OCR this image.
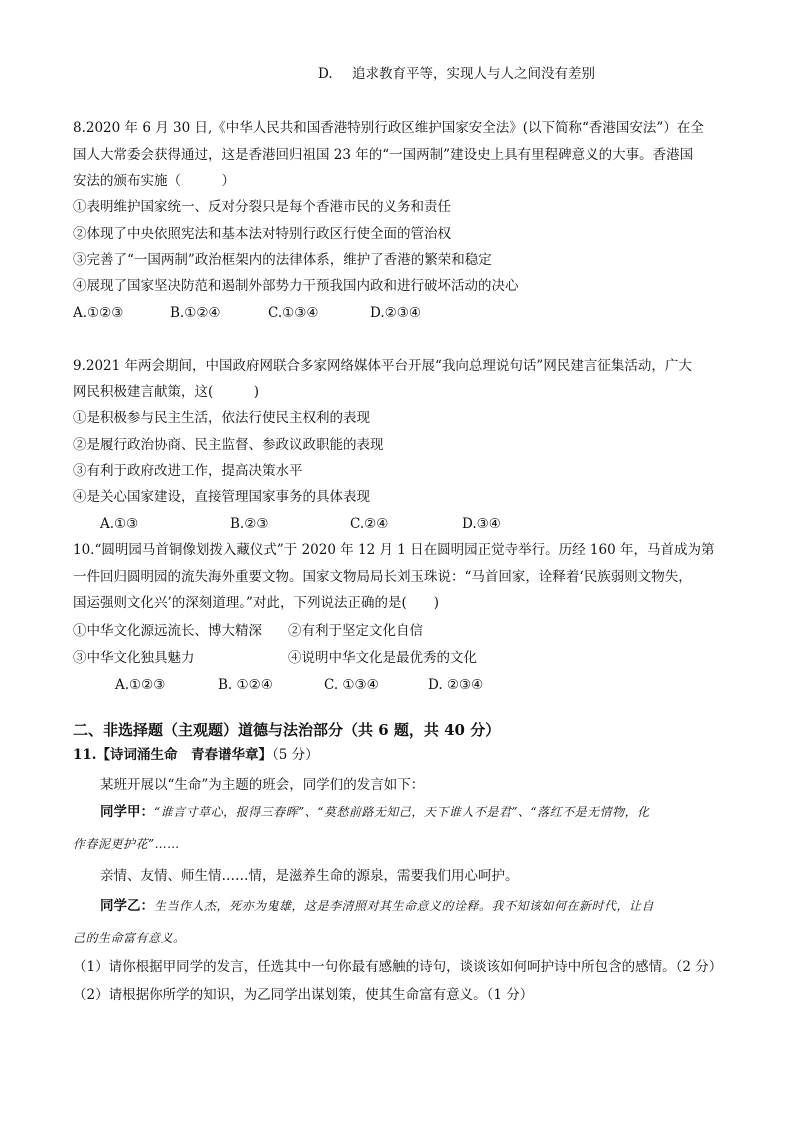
D. 追求教育平等，实现人与人之间没有差别
8.2020 年 6 月 30 日,《中华人民共和国香港特别行政区维护国家安全法》(以下简称“香港国安法”）在全
国人大常委会获得通过，这是香港回归祖国 23 年的“一国两制”建设史上具有里程碑意义的大事。香港国
安法的颁布实施（　　　）
①表明维护国家统一、反对分裂只是每个香港市民的义务和责任
②体现了中央依照宪法和基本法对特别行政区行使全面的管治权
③完善了“一国两制”政治框架内的法律体系，维护了香港的繁荣和稳定
④展现了国家坚决防范和遏制外部势力干预我国内政和进行破坏活动的决心
A.①②③	B.①②④	C.①③④	D.②③④
9.2021 年两会期间，中国政府网联合多家网络媒体平台开展“我向总理说句话”网民建言征集活动，广大
网民积极建言献策，这(　　　)
①是积极参与民主生活，依法行使民主权利的表现
②是履行政治协商、民主监督、参政议政职能的表现
③有利于政府改进工作，提高决策水平
④是关心国家建设，直接管理国家事务的具体表现
A.①③	B.②③	C.②④	D.③④
10.“圆明园马首铜像划拨入藏仪式”于 2020 年 12 月 1 日在圆明园正觉寺举行。历经 160 年，马首成为第
一件回归圆明园的流失海外重要文物。国家文物局局长刘玉珠说：“马首回家，诠释着‘民族弱则文物失，
国运强则文化兴’的深刻道理。”对此，下列说法正确的是(　　)
①中华文化源远流长、博大精深 ②有利于坚定文化自信
③中华文化独具魅力	④说明中华文化是最优秀的文化
A.①②③	B. ①②④	C. ①③④	D. ②③④
二、非选择题（主观题）道德与法治部分（共 6 题，共 40 分）
11.【诗词涌生命　青春谱华章】（5 分）
某班开展以“生命”为主题的班会，同学们的发言如下：
同学甲：“谁言寸草心，报得三春晖”、“莫愁前路无知己，天下谁人不是君”、“落红不是无情物，化
作春泥更护花”……
亲情、友情、师生情……情，是滋养生命的源泉，需要我们用心呵护。
同学乙：生当作人杰，死亦为鬼雄，这是李清照对其生命意义的诠释。我不知该如何在新时代，让自
己的生命富有意义。
（1）请你根据甲同学的发言，任选其中一句你最有感触的诗句，谈谈该如何呵护诗中所包含的感情。（2 分）
（2）请根据你所学的知识，为乙同学出谋划策，使其生命富有意义。（1 分）
